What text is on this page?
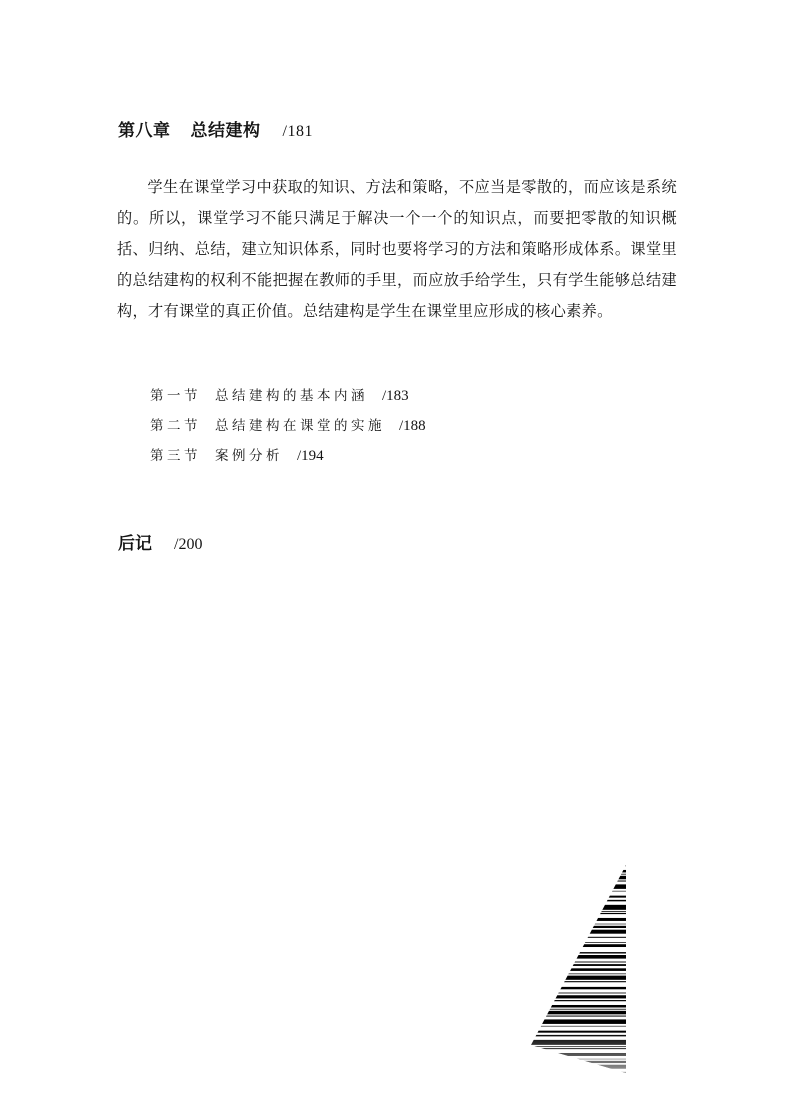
第八章 总结建构 /181

学生在课堂学习中获取的知识、方法和策略，不应当是零散的，而应该是系统的。所以，课堂学习不能只满足于解决一个一个的知识点，而要把零散的知识概括、归纳、总结，建立知识体系，同时也要将学习的方法和策略形成体系。课堂里的总结建构的权利不能把握在教师的手里，而应放手给学生，只有学生能够总结建构，才有课堂的真正价值。总结建构是学生在课堂里应形成的核心素养。

第一节 总结建构的基本内涵 /183
第二节 总结建构在课堂的实施 /188
第三节 案例分析 /194
后记 /200
